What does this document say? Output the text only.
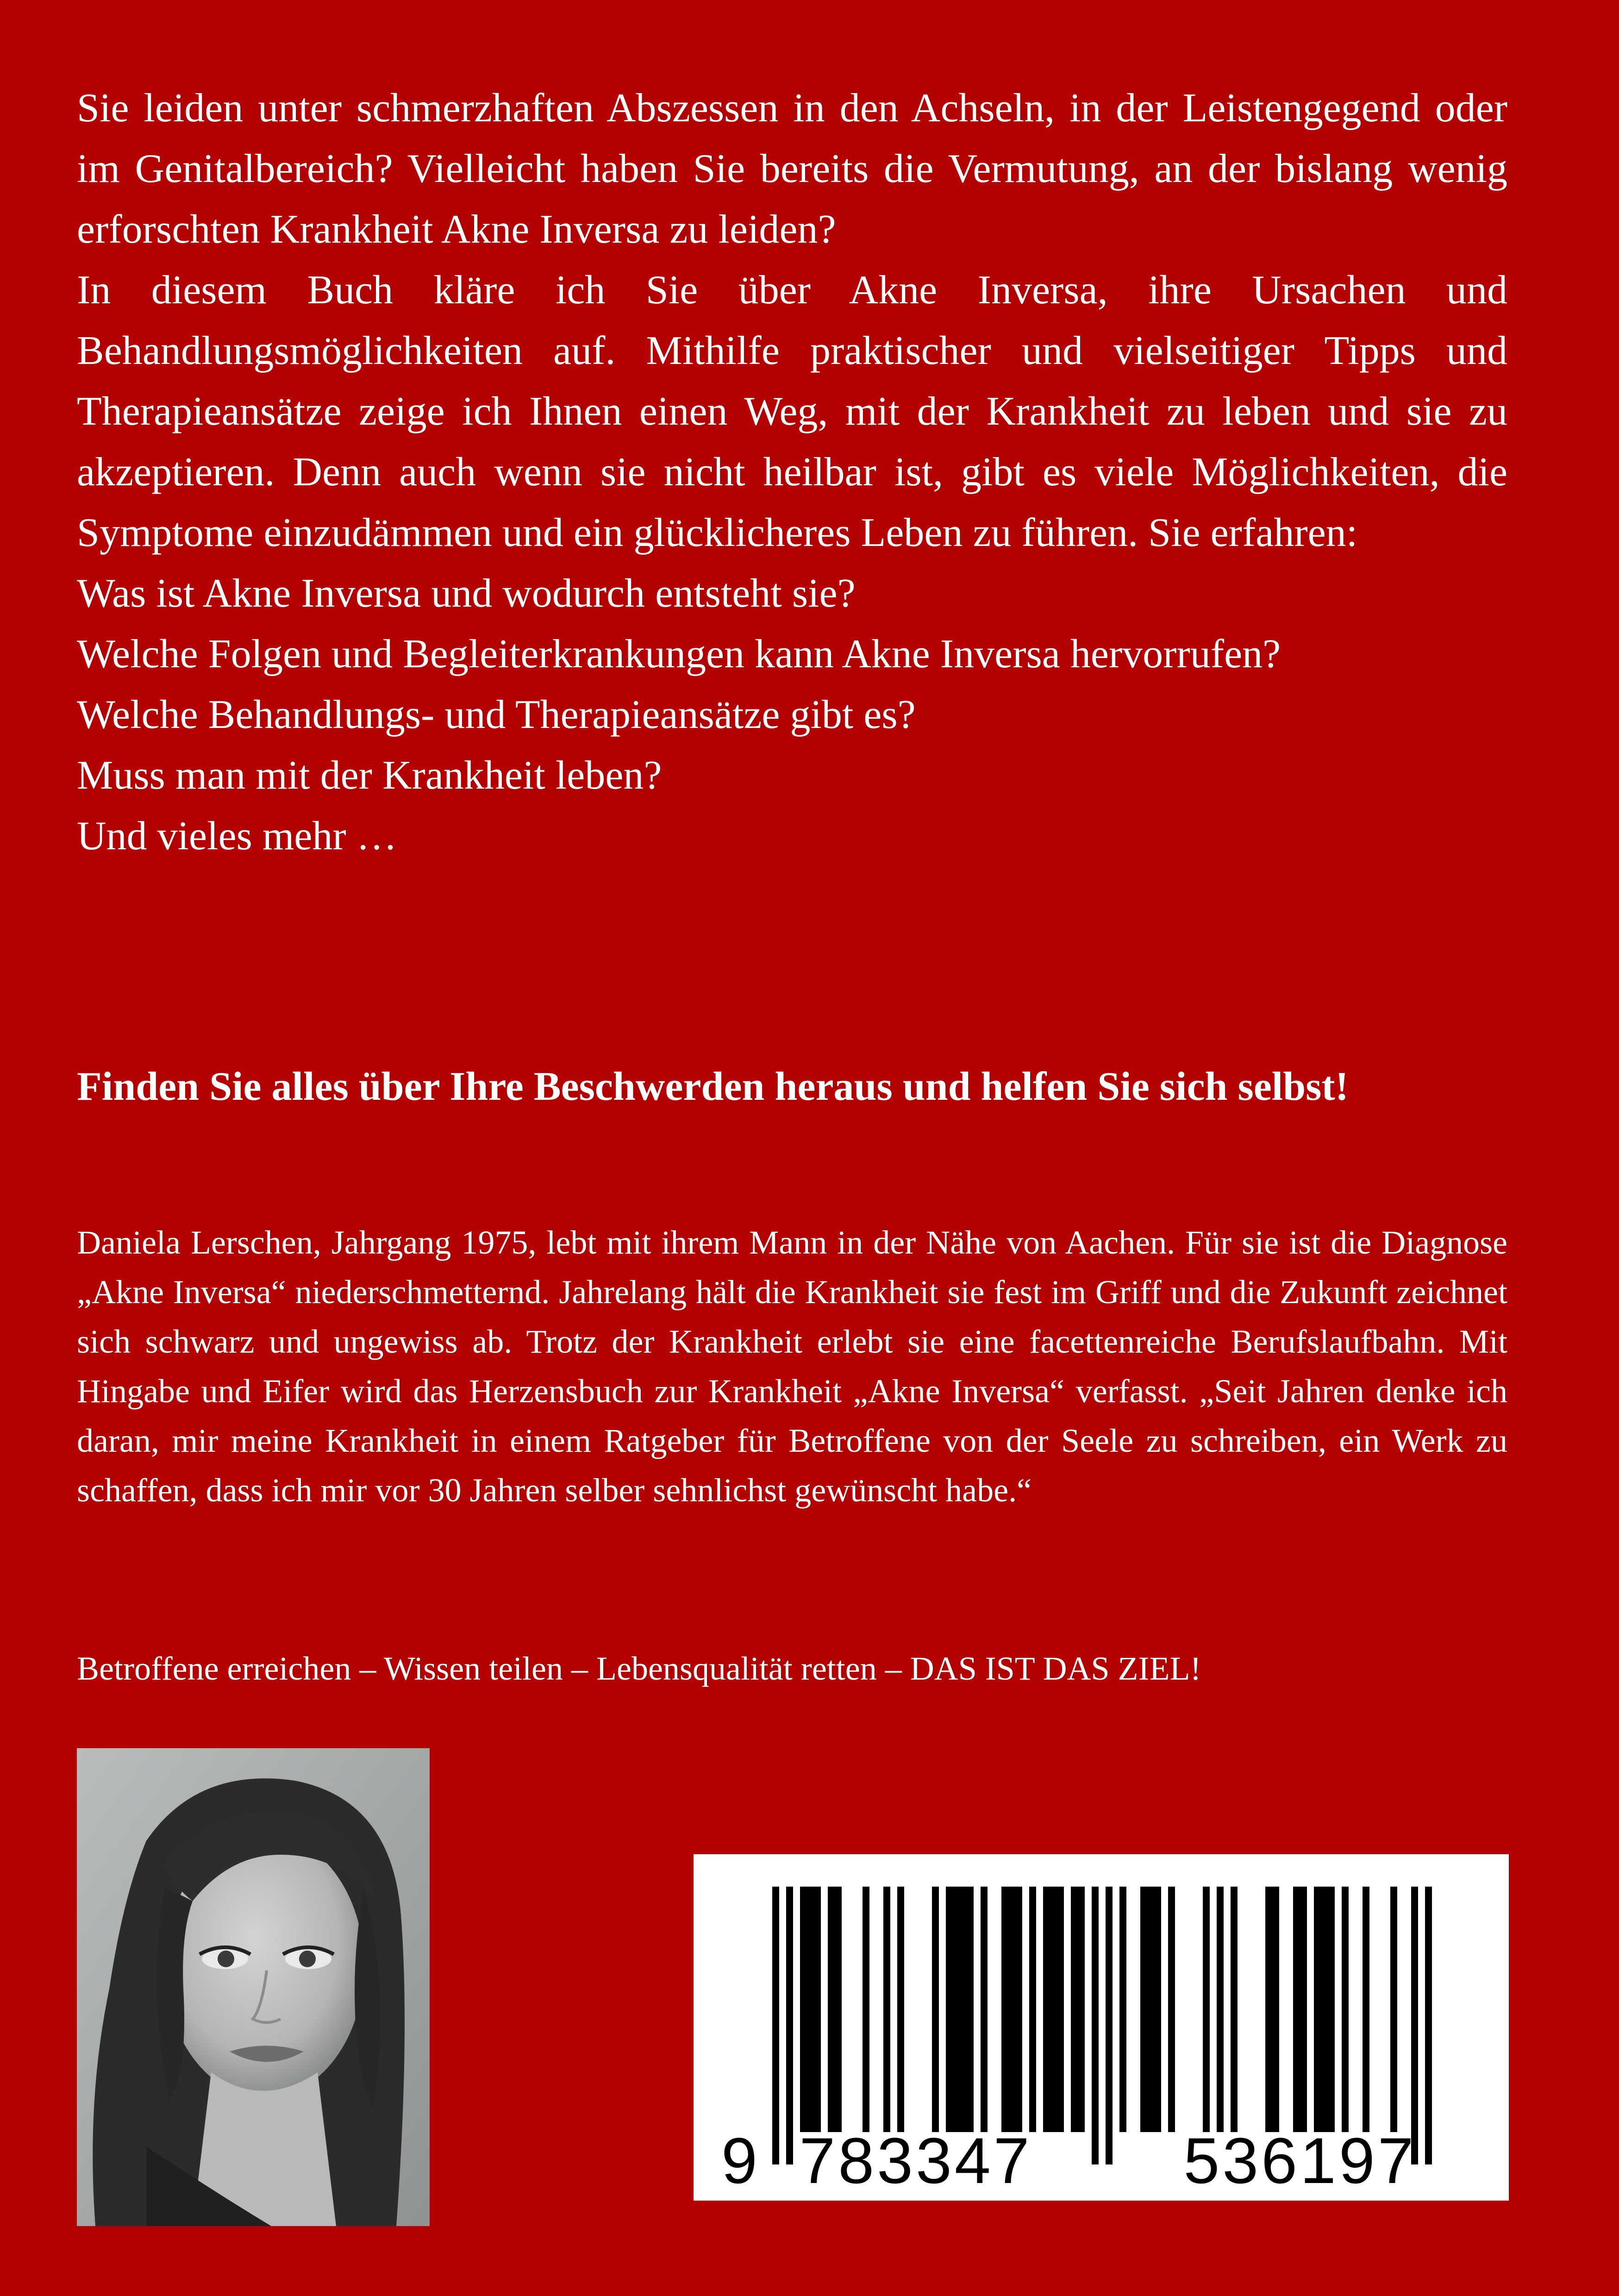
Sie leiden unter schmerzhaften Abszessen in den Achseln, in der Leistengegend oder im Genitalbereich? Vielleicht haben Sie bereits die Vermutung, an der bislang wenig erforschten Krankheit Akne Inversa zu leiden?

In diesem Buch kläre ich Sie über Akne Inversa, ihre Ursachen und Behandlungsmöglichkeiten auf. Mithilfe praktischer und vielseitiger Tipps und Therapieansätze zeige ich Ihnen einen Weg, mit der Krankheit zu leben und sie zu akzeptieren. Denn auch wenn sie nicht heilbar ist, gibt es viele Möglichkeiten, die Symptome einzudämmen und ein glücklicheres Leben zu führen. Sie erfahren:

Was ist Akne Inversa und wodurch entsteht sie?

Welche Folgen und Begleiterkrankungen kann Akne Inversa hervorrufen?

Welche Behandlungs- und Therapieansätze gibt es?

Muss man mit der Krankheit leben?

Und vieles mehr …

Finden Sie alles über Ihre Beschwerden heraus und helfen Sie sich selbst!

Daniela Lerschen, Jahrgang 1975, lebt mit ihrem Mann in der Nähe von Aachen. Für sie ist die Diagnose „Akne Inversa“ niederschmetternd. Jahrelang hält die Krankheit sie fest im Griff und die Zukunft zeichnet sich schwarz und ungewiss ab. Trotz der Krankheit erlebt sie eine facettenreiche Berufslaufbahn. Mit Hingabe und Eifer wird das Herzensbuch zur Krankheit „Akne Inversa“ verfasst. „Seit Jahren denke ich daran, mir meine Krankheit in einem Ratgeber für Betroffene von der Seele zu schreiben, ein Werk zu schaffen, dass ich mir vor 30 Jahren selber sehnlichst gewünscht habe.“

Betroffene erreichen – Wissen teilen – Lebensqualität retten – DAS IST DAS ZIEL!

9 783347 536197
